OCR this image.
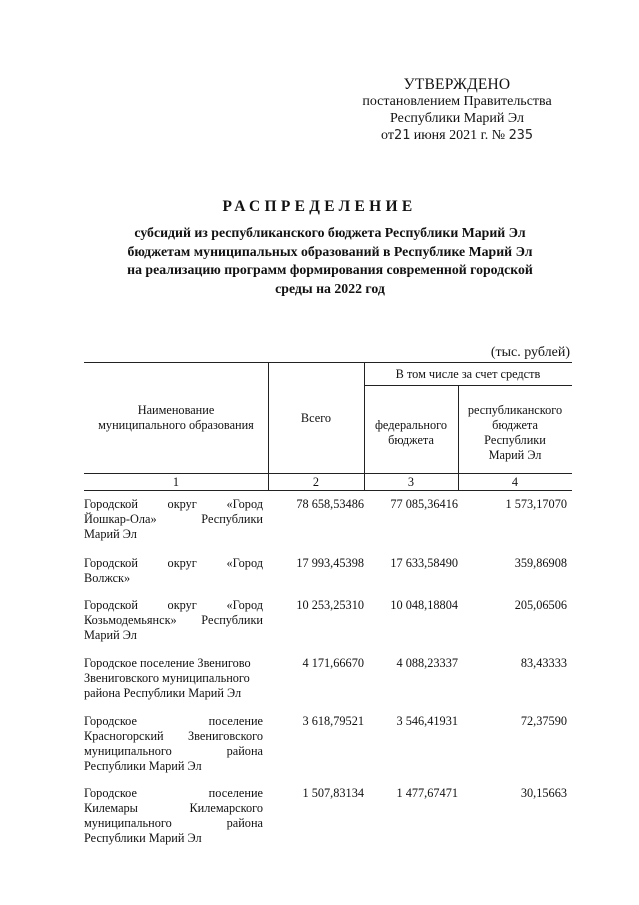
УТВЕРЖДЕНО
постановлением Правительства
Республики Марий Эл
от21 июня 2021 г. № 235
РАСПРЕДЕЛЕНИЕ
субсидий из республиканского бюджета Республики Марий Эл
бюджетам муниципальных образований в Республике Марий Эл
на реализацию программ формирования современной городской
среды на 2022 год
(тыс. рублей)
Наименование
муниципального образования	Всего
В том числе за счет средств
федерального
бюджета
республиканского
бюджета
Республики
Марий Эл
1	2	3	4
Городской округ «Город
Йошкар-Ола» Республики
Марий Эл
78 658,53486	77 085,36416	1 573,17070
Городской округ «Город
Волжск»
17 993,45398	17 633,58490	359,86908
Городской округ «Город
Козьмодемьянск» Республики
Марий Эл
10 253,25310	10 048,18804	205,06506
Городское поселение Звенигово
Звениговского муниципального
района Республики Марий Эл
4 171,66670	4 088,23337	83,43333
Городское поселение
Красногорский Звениговского
муниципального района
Республики Марий Эл
3 618,79521	3 546,41931	72,37590
Городское поселение
Килемары Килемарского
муниципального района
Республики Марий Эл
1 507,83134	1 477,67471	30,15663
